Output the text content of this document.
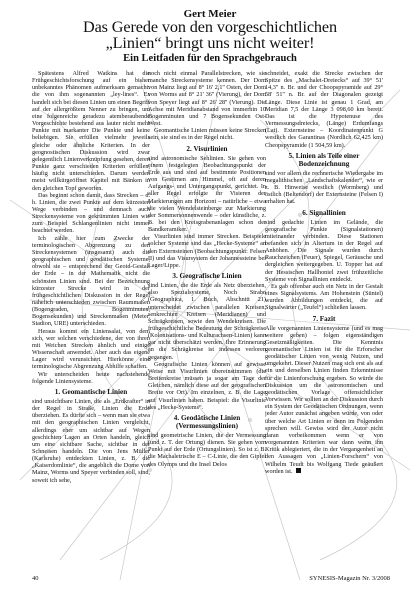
Gert Meier
Das Gerede von den vorgeschichtlichen
„Linien“ bringt uns nicht weiter!
Ein Leitfaden für den Sprachgebrauch

Spätestens Alfred Watkins hat die Frühgeschichtsforschung auf ein bisher unbekanntes Phänomen aufmerksam gemacht: die von ihm sogenannten „ley-lines“. Es handelt sich bei diesen Linien um einen Begriff auf der allergrößtem Nenner zu bringen, um eine folgenreiche geradezu atemberaubende Vorgeschichte bestehend aus lauter nicht mehr Punkte mit markanter Die Punkte und keine beliebigen. Sie erfüllen vielmehr jeweils gleiche oder ähnliche Kriterien. In der geognostischen Diskussion wird zwar gelegentlich Linienverknüpfung gesehen, deren Punkte ganz verschieden Kriterien erfüllen, häufig nicht unterschieden. Darum werden meist willkürgeöffnet Kapitel mit Bänken in den gleichen Topf geworfen.

Das beginnt schon damit, dass Strecken – d. h. Linien, die zwei Punkte auf dem kürzesten Wege verbinden – und demnach auch Streckensysteme von gekrümmten Linien wie zum Beispiel Schlangenlinien nicht immer beachtet werden.

Ich zähle hier zum Zwecke der terminologischen Abgrenzung zu den Streckensystemen (insgesamt) auch die geographischen und geodätischen Systeme, obwohl sie – entsprechend der Geoid-Gestalt der Erde – in der Mathematik nicht die schönsten Linien sind. Bei der Bezeichnung kürzester Strecke wird in der frühgeschichtlichen Diskussion in der Regel nahelich unterschieden zwischen Raummaßen (Bogengraden, Bogenminuten, Bogensekunden) und Streckenmaßen (Meter, Stadion, URE) unterschieden.

Heraus kommt ein Liniensalat, von dem sich, wer solchen verschiedene, der von ihren mit Weichen Strecken ähnlich und einige Wissenschaft anwendet. Aber auch das eigene Lager wird verunsichert. Hierkönne eine terminologische Abgrenzung Abhilfe schaffen.

Wir unterscheiden heute nachstehende folgende Liniensysteme.

1. Geomantische Linien

sind unsichtbare Linien, die als „Erdkrafter“ in der Regel in Straße, Linien die Erde überziehen. Es dürfte sich – wenn man sie etwa mit den geographischen Linien vergleicht, allerdings eher um sichtbar auf Wegen geschichten Lagen an Orten handeln, gleich um eine sichtbare Sache, sichtbar in der Schneisen handeln. Die von Jens Müller (Karlsruhe) entdeckten Linien, z. B. die „Kaiserdomlinie“, die angeblich die Dome von Mainz, Worms und Speyer verbinden soll, sind, soweit ich sehe,

noch nicht einmal Parallelstrecken, wie sie manche Streckensysteme kennen. Der Dom von Mainz liegt auf 8° 16' 2,1'' Osten, der Dom von Worms auf 8° 21' 36'' (Vierung), der Dom von Speyer liegt auf 8° 26' 28'' (Vierung). Die Achse mit Meridianabstand von immerhin 10 Bogenminuten und 7 Bogensekunden Ost-West.

Geomantische Linien müssen keine Strecken sein, sie sind es in der Regel nicht.

2. Visurlinien

sind astronomische Sehlinien. Sie gehen von einem festgelegten Beobachtungspunkt der Erde aus und sind auf bestimmte Positionen von Gestirnen am Himmel, oft auf deren Aufgangs- und Untergangspunkt, gerichtet. In aller Regel erfolgte ihr Visieren der Markierungen am Horizont – natürliche – etwa die vielen Wendelsteinberge zur Markierung der Sommersonnenwende – oder künstliche, z. B. bei den Kreisgrabenanlagen schon der Bandkeramiker.

Visurlinien sind immer Strecken. Beispiele solcher Systeme sind das „Hecke-Systeme“ an den Externsteinen (Beobachtungspunkt: Felsen II) und das Visursystem der Johannessteine bei Lager/Lippe.

3. Geografische Linien

sind Linien, die die Erde als Netz überziehen, also Spezialsysteme, Noch Strabo (Geographica, 1. Buch, Abschnitt 21) unterscheidet zwischen parallelen Kreisen, senkrechten Kreisen (Meridianen) und Schrägkreisen, sowie den Wendekreisen. Die frühgeschichtliche Bedeutung der Schrägkreise (Kolonisations- und Kulturachsen-Linien) kann gar nicht überschätzt werden. Ihre Erinnerung an die Schrägkreise ist indessen verloren gegangen.

Geografische Linien können auf gewisse Weise mit Visurlinien übereinstimmen (die Breitenkreise müssen ja sogar am Tage der Gleichen, nämlich diese auf der geografischen Breite vor Ort). Im einzelnen, z. B. die Lage auf Visurlinien haben. Beispiel: die Visurlinie des „Hecke-Systems“.

4. Geodätische Linien (Vermessungslinien)

sind geometrische Linien, die der Vermessung (und z. T. der Ortung) dienen. Sie gehen vom Punkt auf der Erde (Ortungslinien). So ist z. B. die Machaletrische E – C-Linie, die den Gipfel des Olymps und die Insel Delos

schneidet, exakt die Strecke zwischen der Spitze des „Machalet-Dreiecks“ auf 39° 51' 14,3'' n. Br. und der Choopspyramide auf 29° 58' 51'' n. Br. auf der Diagonalen gezeigt Länge. Diese Linie ist genau 1 Grad, am Meridian 7,5 der Länge 3 098,60 km bereit. Das ist die Hypotenuse des Vermessungsdreiecks, (Länge) Erdumfangs (Lat). Externsteine – Koordinatenpunkt G westlich des Garantinas (Nordlich 62,425 km) Cheopspyramide (1 504,59 km).

5. Linien als Teile einer Bodenzeichnung

sind vor allem die rechnerische Wiedergabe im megalithischen „Landschaftskalender“, wie er z. B. Hinweise westlich (Wormberg) und östlich (Beltendorf) der Externsteine (Felsen I) erhalten hat.

6. Signallinien

sind gedachte Linien im Gelände, die geografische Punkte (Signalstationen) miteinander verbinden. Diese Stationen befanden sich in Altertum in der Regel auf Anhöhen. Die Signale wurden durch Rauchzeichen (Feuer), Spiegel, Geräusche und dergleichen weitergegeben. U. Topper hat auf der Hessischen Hallhoniel zwei frühzeitliche Systeme von Signallinien entdeckt.

Es gab offenbar auch ein Netz in der Gestalt eines Signalsystems. Am Hohenstein (Süntel) wurden Abbildungen entdeckt, die auf Signalwärter („Teufel“) schließen lassen.

7. Fazit

Alle vorgenannten Liniensysteme (und es mag weitere geben) – folgen eigenständigen Gesetzmäßigkeiten. Die Kenntnis geomantischer Linien ist für die Erforscher geodätischer Linien von wenig Nutzen, und umgekehrt. Dieser Nutzen mag sich erst als auf ein und derselben Linien finden Erkenntnisse für die Linienforschung ergeben. So würde die Diskussion um die astronomischen und geodätischen Vorlage offensichtlicher Vorwissen. Wir sollten an der Diskussion durch ein System der Geodätischen Ordnungen, wenn jeder Autor zunächst angeben würde, von oder über welche Art Linien er denn im Folgenden sprechen will. Gewiss wird der Autor nicht daran vorbeikommen wenn er von vorgenannten Kriterien war dann wenn ihn Kritik ablegieriert, die in der Vergangenheit an den Aussagen von „Linien-Forschern“ von Wilhelm Teudt bis Wolfgang Tiede geäußert worden ist.

40	SYNESIS-Magazin Nr. 3/2008
